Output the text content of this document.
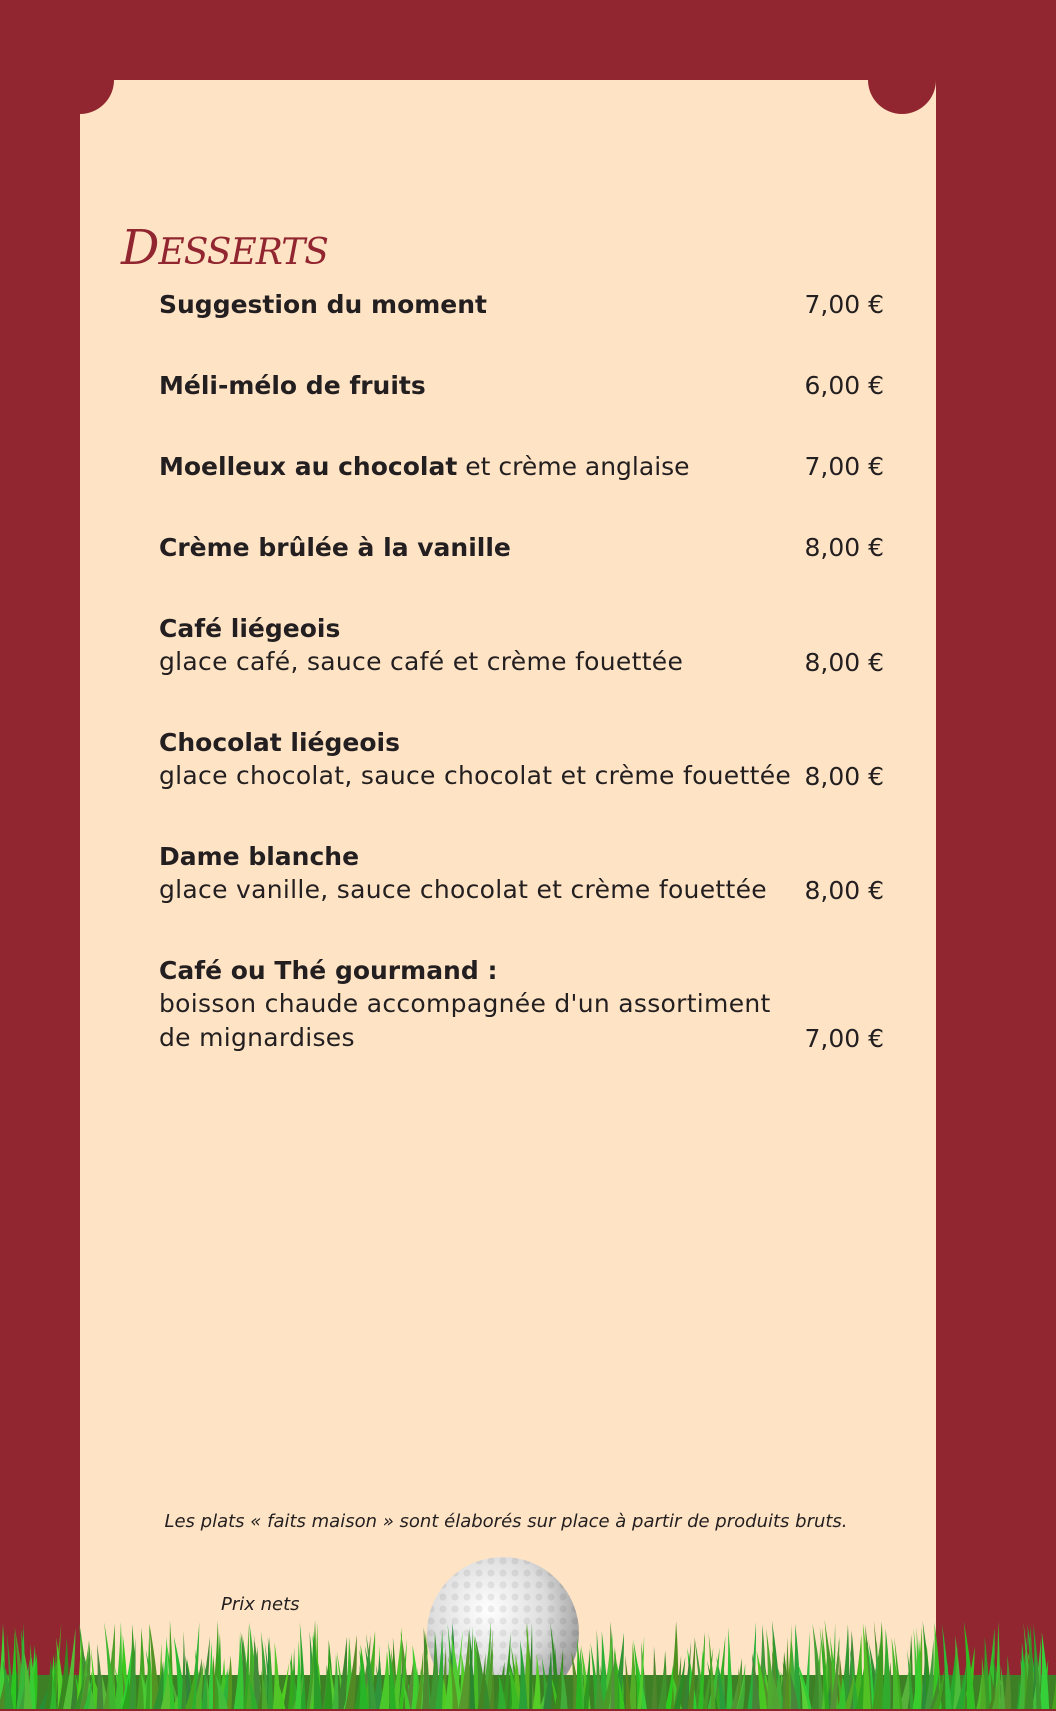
DESSERTS
Suggestion du moment	7,00 €
Méli-mélo de fruits	6,00 €
Moelleux au chocolat et crème anglaise	7,00 €
Crème brûlée à la vanille	8,00 €
Café liégeois
glace café, sauce café et crème fouettée	8,00 €
Chocolat liégeois
glace chocolat, sauce chocolat et crème fouettée 8,00 €
Dame blanche
glace vanille, sauce chocolat et crème fouettée	8,00 €
Café ou Thé gourmand :
boisson chaude accompagnée d'un assortiment
de mignardises	7,00 €
Les plats « faits maison » sont élaborés sur place à partir de produits bruts.
Prix nets
